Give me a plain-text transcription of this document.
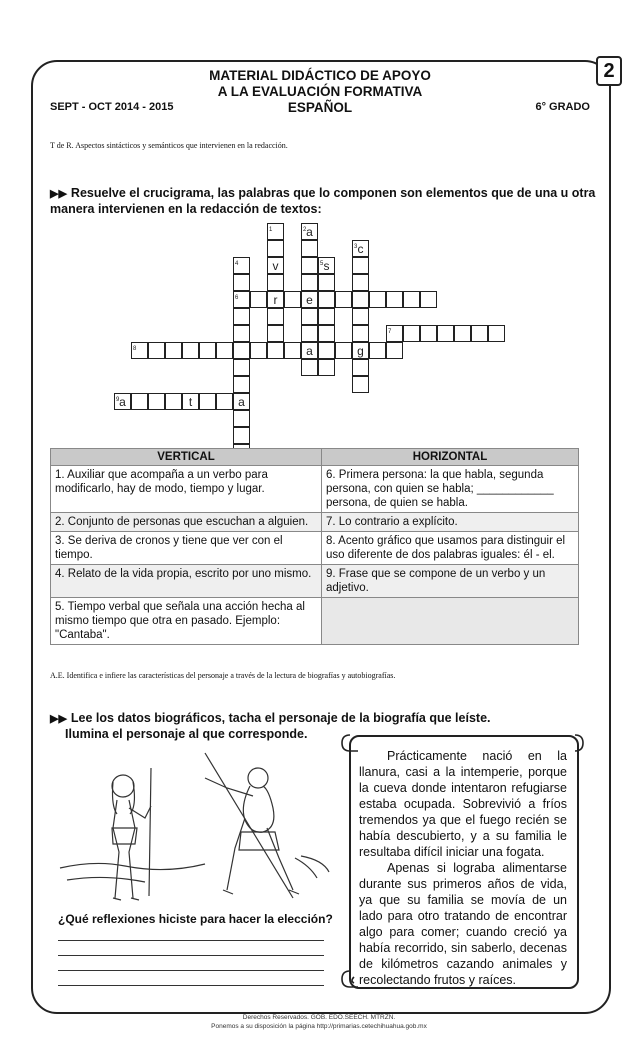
2
MATERIAL DIDÁCTICO DE APOYO
A LA EVALUACIÓN FORMATIVA
ESPAÑOL
SEPT - OCT 2014 - 2015	6° GRADO
T de R. Aspectos sintácticos y semánticos que intervienen en la redacción.
▶▶ Resuelve el crucigrama, las palabras que lo componen son elementos que de una u otra manera intervienen en la redacción de textos:
1
v
r
2 a
e
a
4
6
a
3 c
g
5 s
7
8
9 a	t
VERTICAL	HORIZONTAL
1. Auxiliar que acompaña a un verbo para modificarlo, hay de modo, tiempo y lugar.	6. Primera persona: la que habla, segunda persona, con quien se habla; ____________ persona, de quien se habla.
2. Conjunto de personas que escuchan a alguien.	7. Lo contrario a explícito.
3. Se deriva de cronos y tiene que ver con el tiempo.	8. Acento gráfico que usamos para distinguir el uso diferente de dos palabras iguales: él - el.
4. Relato de la vida propia, escrito por uno mismo.	9. Frase que se compone de un verbo y un adjetivo.
5. Tiempo verbal que señala una acción hecha al mismo tiempo que otra en pasado. Ejemplo: "Cantaba".	
A.E. Identifica e infiere las características del personaje a través de la lectura de biografías y autobiografías.
▶▶ Lee los datos biográficos, tacha el personaje de la biografía que leíste.
Ilumina el personaje al que corresponde.

Prácticamente nació en la llanura, casi a la intemperie, porque la cueva donde intentaron refugiarse estaba ocupada. Sobrevivió a fríos tremendos ya que el fuego recién se había descubierto, y a su familia le resultaba difícil iniciar una fogata.

Apenas si lograba alimentarse durante sus primeros años de vida, ya que su familia se movía de un lado para otro tratando de encontrar algo para comer; cuando creció ya había recorrido, sin saberlo, decenas de kilómetros cazando animales y recolectando frutos y raíces.

¿Qué reflexiones hiciste para hacer la elección?
Derechos Reservados. GOB. EDO.SEECH. MTRZN.
Ponemos a su disposición la página http://primarias.cetechihuahua.gob.mx
